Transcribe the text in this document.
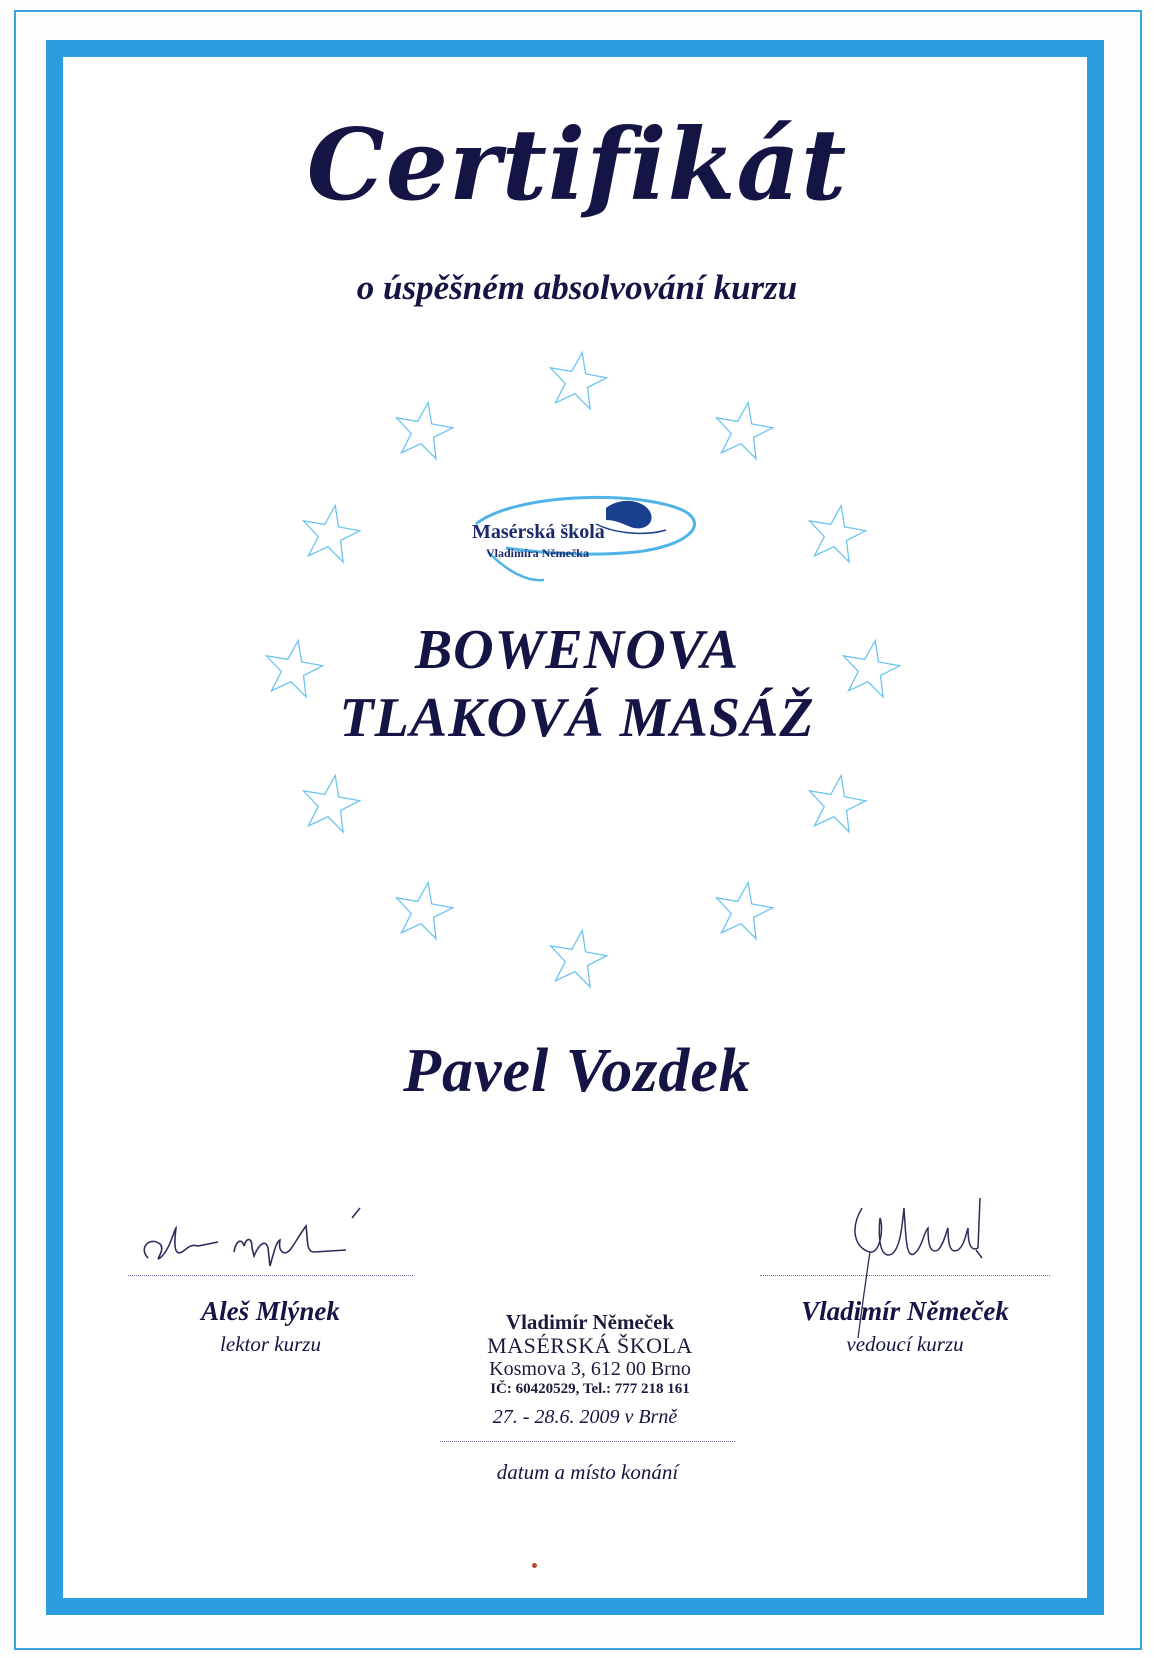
Certifikát
o úspěšném absolvování kurzu
Masérská škola
Vladimíra Němečka
BOWENOVA
TLAKOVÁ MASÁŽ
Pavel Vozdek
Aleš Mlýnek
lektor kurzu
Vladimír Němeček
vedoucí kurzu
Vladimír Němeček
MASÉRSKÁ ŠKOLA
Kosmova 3, 612 00 Brno
IČ: 60420529, Tel.: 777 218 161
27. - 28.6. 2009 v Brně
datum a místo konání
